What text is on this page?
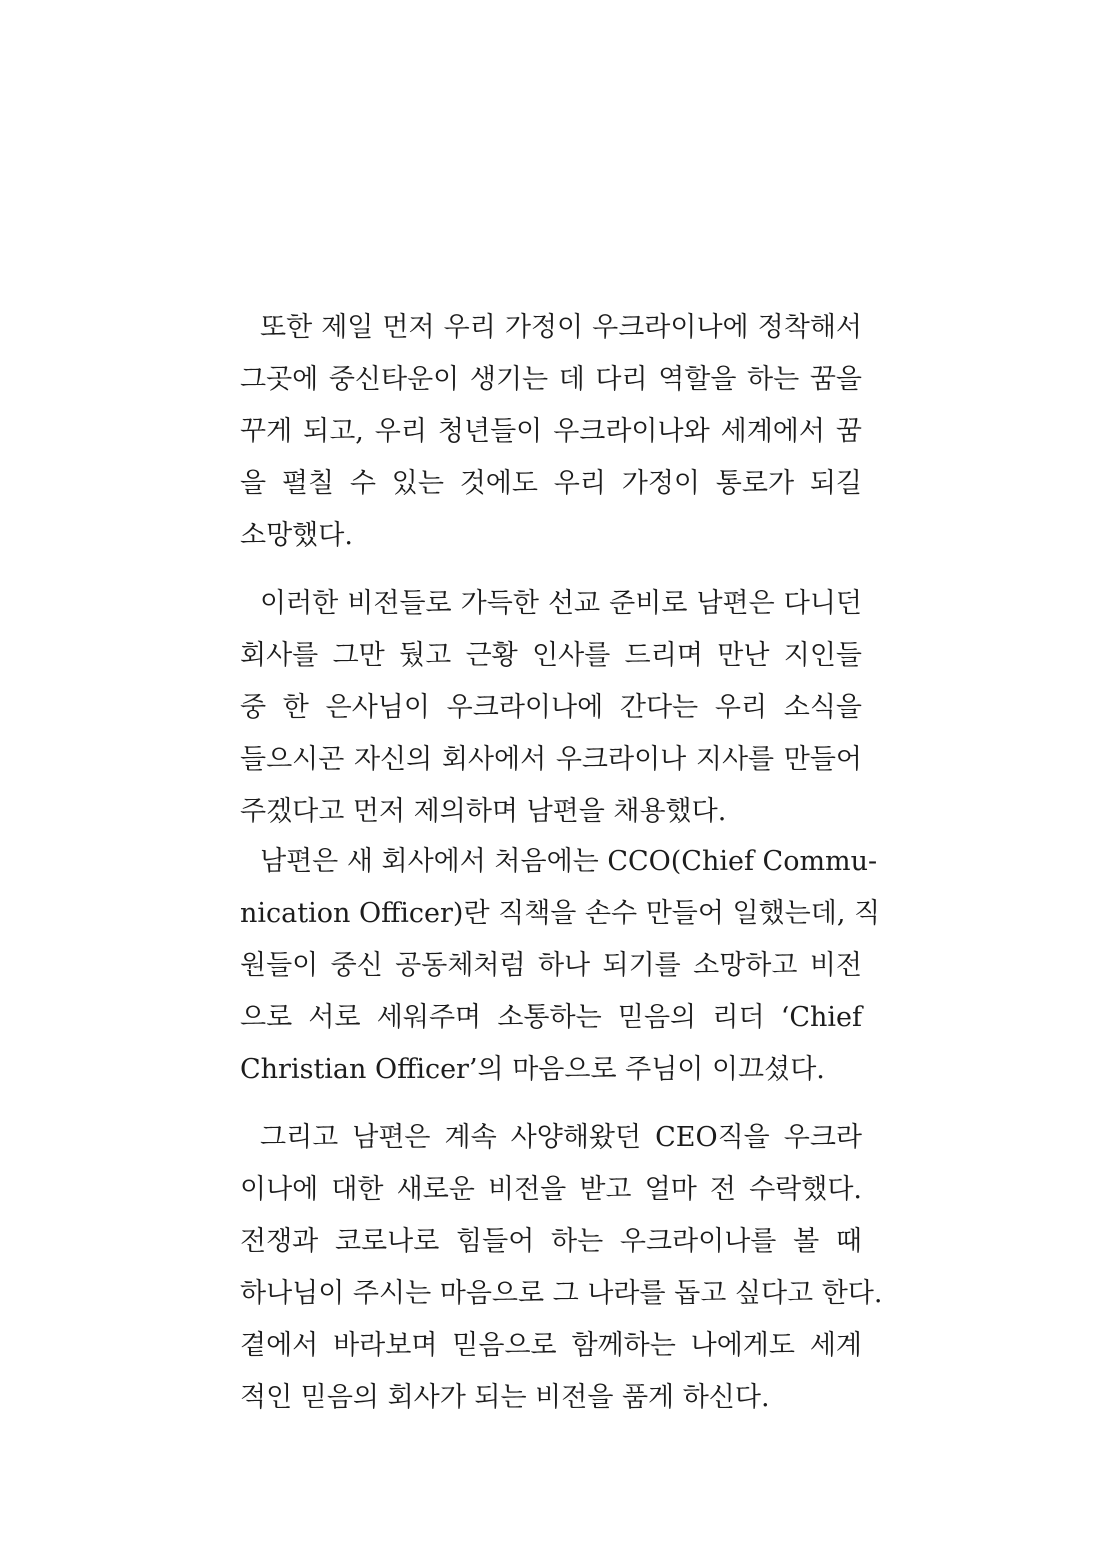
또한 제일 먼저 우리 가정이 우크라이나에 정착해서
그곳에 중신타운이 생기는 데 다리 역할을 하는 꿈을
꾸게 되고, 우리 청년들이 우크라이나와 세계에서 꿈
을 펼칠 수 있는 것에도 우리 가정이 통로가 되길
소망했다.
이러한 비전들로 가득한 선교 준비로 남편은 다니던
회사를 그만 뒀고 근황 인사를 드리며 만난 지인들
중 한 은사님이 우크라이나에 간다는 우리 소식을
들으시곤 자신의 회사에서 우크라이나 지사를 만들어
주겠다고 먼저 제의하며 남편을 채용했다.
남편은 새 회사에서 처음에는 CCO(Chief Commu-
nication Officer)란 직책을 손수 만들어 일했는데, 직
원들이 중신 공동체처럼 하나 되기를 소망하고 비전
으로 서로 세워주며 소통하는 믿음의 리더 ‘Chief
Christian Officer’의 마음으로 주님이 이끄셨다.
그리고 남편은 계속 사양해왔던 CEO직을 우크라
이나에 대한 새로운 비전을 받고 얼마 전 수락했다.
전쟁과 코로나로 힘들어 하는 우크라이나를 볼 때
하나님이 주시는 마음으로 그 나라를 돕고 싶다고 한다.
곁에서 바라보며 믿음으로 함께하는 나에게도 세계
적인 믿음의 회사가 되는 비전을 품게 하신다.
